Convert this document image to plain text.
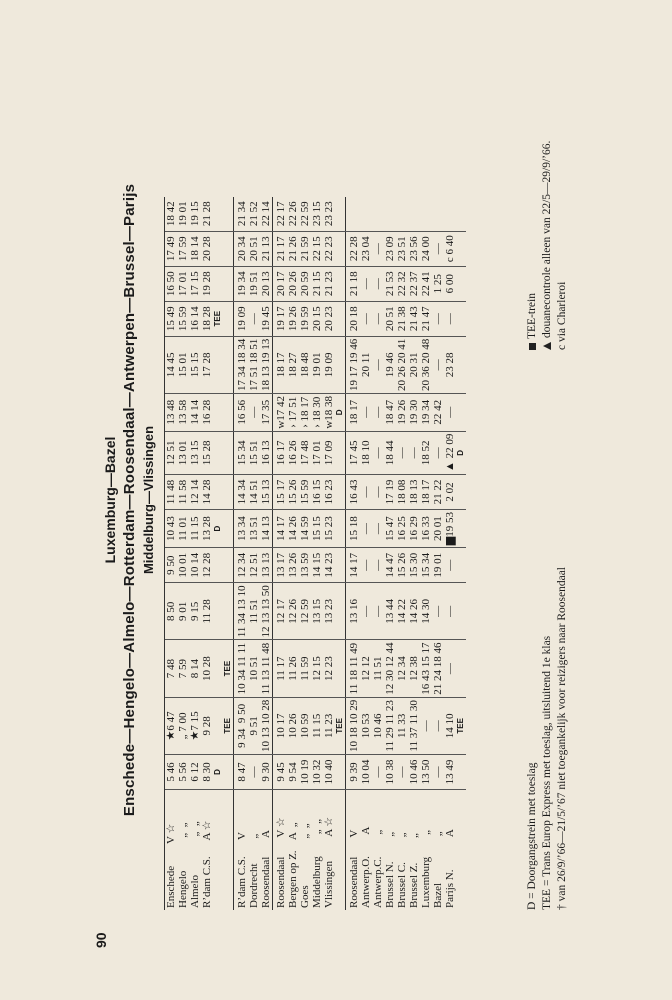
90
Luxemburg—Bazel Enschede—Hengelo—Almelo—Rotterdam—Roosendaal—Antwerpen—Brussel—Parijs Middelburg—Vlissingen
Enschede        V ☆	5 46	★6 47	7 48	8 50	9 50	10 43	11 48	12 51	13 48	14 45	15 49	16 50	17 49	18 42
Hengelo            „  „	5 56	„ 7 00	7 59	9 01	10 01	11 01	11 58	13 01	13 58	15 01	15 59	17 01	17 59	19 01
Almelo              „  „	6 12	★7 15	8 14	9 15	10 14	11 15	12 14	13 15	14 14	15 15	16 14	17 15	18 14	19 15
R’dam C.S.      A ☆	8 30	9 28	10 28	11 28	12 28	13 28	14 28	15 28	16 28	17 28	18 28	19 28	20 28	21 28
	D					D					TEE			
		TEE	TEE											
R’dam C.S.      V	8 47	9 34  9 50	10 34 11 11	11 34 13 10	12 34	13 34	14 34	15 34	16 56	17 34 18 34	19 09	19 34	20 34	21 34
Dordrecht         „	—	9 51	10 51	11 51	12 51	13 51	14 51	15 51	—	17 51 18 51	—	19 51	20 51	21 52
Roosendaal       A	9 30	10 13 10 28	11 13 11 48	12 13 13 50	13 13	14 13	15 13	16 13	17 35	18 13 19 13	19 45	20 13	21 13	22 14
Roosendaal       V ☆	9 45	10 17	11 17	12 17	13 17	14 17	15 17	16 17	w17 42	18 17	19 17	20 17	21 17	22 17
Bergen op Z.    A  „	9 54	10 26	11 26	12 26	13 26	14 26	15 26	16 26	› 17 51	18 27	19 26	20 26	21 26	22 26
Goes                 „  „	10 19	10 59	11 59	12 59	13 59	14 59	15 59	17 48	› 18 17	18 48	19 59	20 59	21 59	22 59
Middelburg        „  „	10 32	11 15	12 15	13 15	14 15	15 15	16 15	17 01	› 18 30	19 01	20 15	21 15	22 15	23 15
Vlissingen         A ☆	10 40	11 23	12 23	13 23	14 23	15 23	16 23	17 09	w18 38	19 09	20 23	21 23	22 23	23 23
		TEE							D					
Roosendaal       V	9 39	10 18 10 29	11 18 11 49	13 16	14 17	15 18	16 43	17 45	18 17	19 17 19 46	20 18	21 18	22 28	
Antwerp.O.        A	10 04	10 53	12 12	—	—	—	—	18 10	—	20 11	—	—	23 04	
Antwerp.C.        „	—	10 46	11 51	—	—	—	—	—	—	—	—	—	—	
Brussel N.         „	10 38	11 29 11 23	12 30 12 44	13 44	14 47	15 47	17 19	18 44	18 47	19 46	20 51	21 53	23 09	
Brussel C.         „	—	11 33	12 34	14 22	15 26	16 25	18 08	—	19 26	20 26 20 41	21 38	22 32	23 51	
Brussel Z.         „	10 46	11 37 11 30	12 38	14 26	15 30	16 29	18 13	—	19 30	20 31	21 43	22 37	23 56	
Luxemburg        „	13 50	—	16 43 15 17	14 30	15 34	16 33	18 17	18 52	19 34	20 36 20 48	21 47	22 41	24 00	
Bazel                 „	—	—	21 24 18 46	—	19 01	20 01	21 22	—	22 42	—	—	1 25	—	
Parijs N.            A	13 49	14 10	—	—	—	▆19 53	2 02	▲ 22 09	—	23 28	—	6 00	c 6 40	
		TEE						D						
D = Doorgangstrein met toeslag TEE = Trans Europ Express met toeslag, uitsluitend 1e klas † van 26/9/’66—21/5/’67 niet toegankelijk voor reizigers naar Roosendaal
TEE-trein douanecontrole alleen van 22/5—29/9/’66. c via Charleroi
